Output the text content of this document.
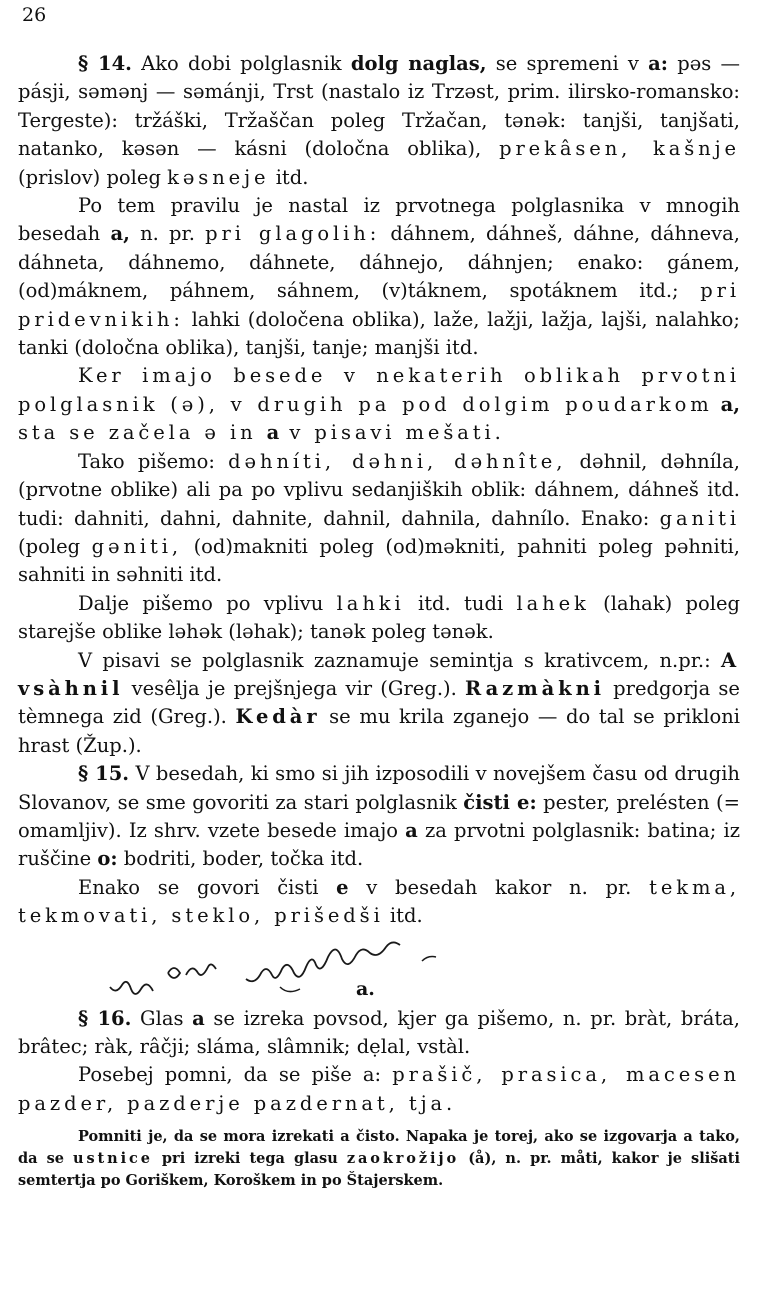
26

§ 14. Ako dobi polglasnik dolg naglas, se spremeni v a: pəs — pásji, səmənj — səmánji, Trst (nastalo iz Trzəst, prim. ilirsko-romansko: Tergeste): tržáški, Tržaščan poleg Tržačan, tənək: tanjši, tanjšati, natanko, kəsən — kásni (določna oblika), prekâsen, kašnje (prislov) poleg kəsneje itd.

Po tem pravilu je nastal iz prvotnega polglasnika v mnogih besedah a, n. pr. pri glagolih: dáhnem, dáhneš, dáhne, dáhneva, dáhneta, dáhnemo, dáhnete, dáhnejo, dáhnjen; enako: gánem, (od)máknem, páhnem, sáhnem, (v)táknem, spotáknem itd.; pri pridevnikih: lahki (določena oblika), laže, lažji, lažja, lajši, nalahko; tanki (določna oblika), tanjši, tanje; manjši itd.

Ker imajo besede v nekaterih oblikah prvotni polglasnik (ə), v drugih pa pod dolgim poudarkom a, sta se začela ə in a v pisavi mešati.

Tako pišemo: dəhníti, dəhni, dəhnîte, dəhnil, dəhníla, (prvotne oblike) ali pa po vplivu sedanjiških oblik: dáhnem, dáhneš itd. tudi: dahniti, dahni, dahnite, dahnil, dahnila, dahnílo. Enako: ganiti (poleg gəniti, (od)makniti poleg (od)məkniti, pahniti poleg pəhniti, sahniti in səhniti itd.

Dalje pišemo po vplivu lahki itd. tudi lahek (lahak) poleg starejše oblike ləhək (ləhak); tanək poleg tənək.

V pisavi se polglasnik zaznamuje semintja s krativcem, n.pr.: A vsàhnil vesêlja je prejšnjega vir (Greg.). Razmàkni predgorja se tèmnega zid (Greg.). Kedàr se mu krila zganejo — do tal se prikloni hrast (Žup.).

§ 15. V besedah, ki smo si jih izposodili v novejšem času od drugih Slovanov, se sme govoriti za stari polglasnik čisti e: pester, prelésten (= omamljiv). Iz shrv. vzete besede imajo a za prvotni polglasnik: batina; iz ruščine o: bodriti, boder, točka itd.

Enako se govori čisti e v besedah kakor n. pr. tekma, tekmovati, steklo, prišedši itd.

a.

§ 16. Glas a se izreka povsod, kjer ga pišemo, n. pr. bràt, bráta, brâtec; ràk, râčji; sláma, slâmnik; dẹlal, vstàl.

Posebej pomni, da se piše a: prašič, prasica, macesen pazder, pazderje pazdernat, tja.

Pomniti je, da se mora izrekati a čisto. Napaka je torej, ako se izgovarja a tako, da se ustnice pri izreki tega glasu zaokrožijo (å), n. pr. måti, kakor je slišati semtertja po Goriškem, Koroškem in po Štajerskem.
